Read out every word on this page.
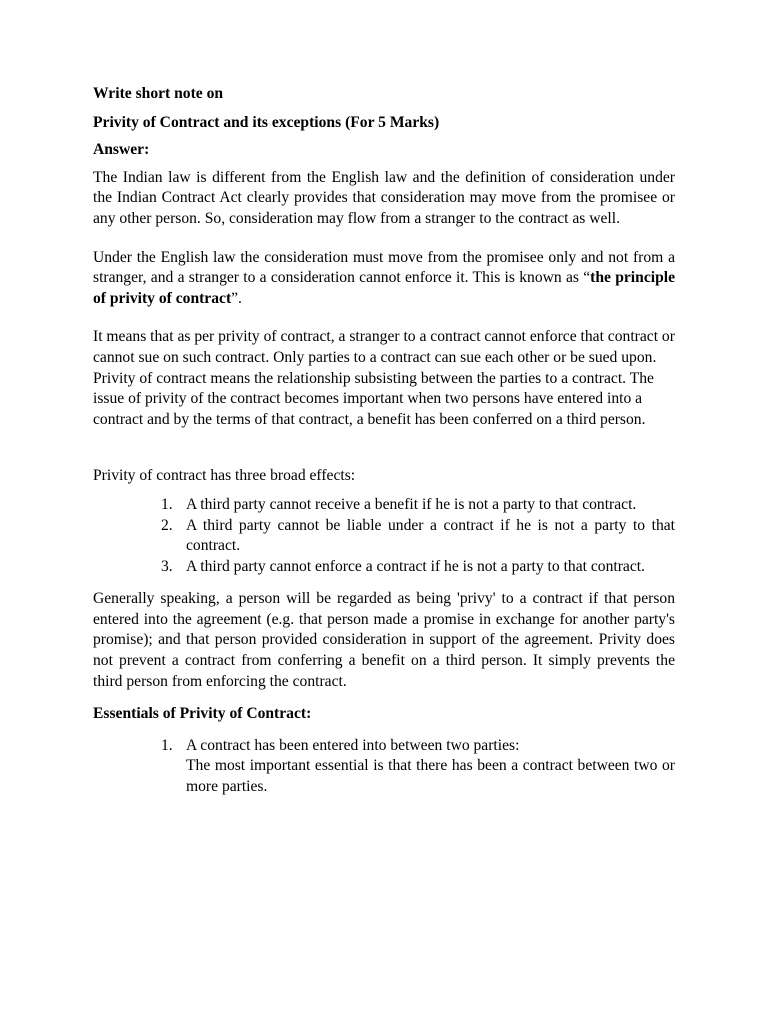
Write short note on

Privity of Contract and its exceptions (For 5 Marks)

Answer:

The Indian law is different from the English law and the definition of consideration under the Indian Contract Act clearly provides that consideration may move from the promisee or any other person. So, consideration may flow from a stranger to the contract as well.

Under the English law the consideration must move from the promisee only and not from a stranger, and a stranger to a consideration cannot enforce it. This is known as “the principle of privity of contract”.

It means that as per privity of contract, a stranger to a contract cannot enforce that contract or cannot sue on such contract. Only parties to a contract can sue each other or be sued upon. Privity of contract means the relationship subsisting between the parties to a contract. The issue of privity of the contract becomes important when two persons have entered into a contract and by the terms of that contract, a benefit has been conferred on a third person.

Privity of contract has three broad effects:

1. A third party cannot receive a benefit if he is not a party to that contract.
2. A third party cannot be liable under a contract if he is not a party to that contract.
3. A third party cannot enforce a contract if he is not a party to that contract.

Generally speaking, a person will be regarded as being 'privy' to a contract if that person entered into the agreement (e.g. that person made a promise in exchange for another party's promise); and that person provided consideration in support of the agreement. Privity does not prevent a contract from conferring a benefit on a third person. It simply prevents the third person from enforcing the contract.

Essentials of Privity of Contract:

1. A contract has been entered into between two parties:
The most important essential is that there has been a contract between two or more parties.
